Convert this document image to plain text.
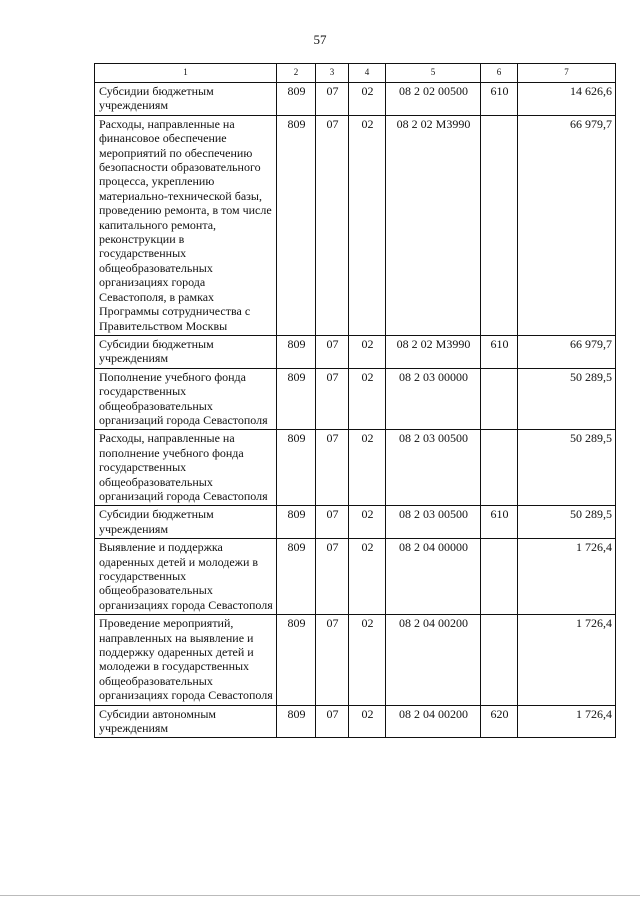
57
1	2	3	4	5	6	7
Субсидии бюджетным учреждениям	809	07	02	08 2 02 00500	610	14 626,6
Расходы, направленные на финансовое обеспечение мероприятий по обеспечению безопасности образовательного процесса, укреплению материально-технической базы, проведению ремонта, в том числе капитального ремонта, реконструкции в государственных общеобразовательных организациях города Севастополя, в рамках Программы сотрудничества с Правительством Москвы	809	07	02	08 2 02 М3990		66 979,7
Субсидии бюджетным учреждениям	809	07	02	08 2 02 М3990	610	66 979,7
Пополнение учебного фонда государственных общеобразовательных организаций города Севастополя	809	07	02	08 2 03 00000		50 289,5
Расходы, направленные на пополнение учебного фонда государственных общеобразовательных организаций города Севастополя	809	07	02	08 2 03 00500		50 289,5
Субсидии бюджетным учреждениям	809	07	02	08 2 03 00500	610	50 289,5
Выявление и поддержка одаренных детей и молодежи в государственных общеобразовательных организациях города Севастополя	809	07	02	08 2 04 00000		1 726,4
Проведение мероприятий, направленных на выявление и поддержку одаренных детей и молодежи в государственных общеобразовательных организациях города Севастополя	809	07	02	08 2 04 00200		1 726,4
Субсидии автономным учреждениям	809	07	02	08 2 04 00200	620	1 726,4
